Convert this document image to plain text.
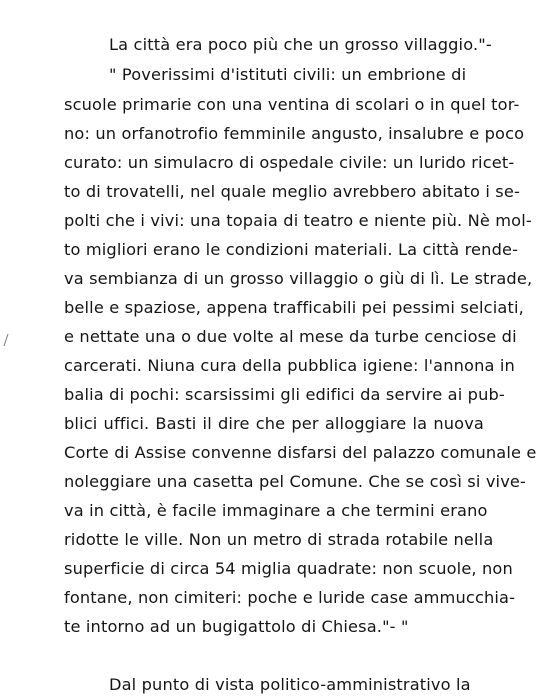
La città era poco più che un grosso villaggio."-
" Poverissimi d'istituti civili: un embrione di
scuole primarie con una ventina di scolari o in quel tor-
no: un orfanotrofio femminile angusto, insalubre e poco
curato: un simulacro di ospedale civile: un lurido ricet-
to di trovatelli, nel quale meglio avrebbero abitato i se-
polti che i vivi: una topaia di teatro e niente più. Nè mol-
to migliori erano le condizioni materiali. La città rende-
va sembianza di un grosso villaggio o giù di lì. Le strade,
belle e spaziose, appena trafficabili pei pessimi selciati,
e nettate una o due volte al mese da turbe cenciose di
carcerati. Niuna cura della pubblica igiene: l'annona in
balia di pochi: scarsissimi gli edifici da servire ai pub-
blici uffici. Basti il dire che per alloggiare la nuova
Corte di Assise convenne disfarsi del palazzo comunale e
noleggiare una casetta pel Comune. Che se così si vive-
va in città, è facile immaginare a che termini erano
ridotte le ville. Non un metro di strada rotabile nella
superficie di circa 54 miglia quadrate: non scuole, non
fontane, non cimiteri: poche e luride case ammucchia-
te intorno ad un bugigattolo di Chiesa."- "
Dal punto di vista politico-amministrativo la
